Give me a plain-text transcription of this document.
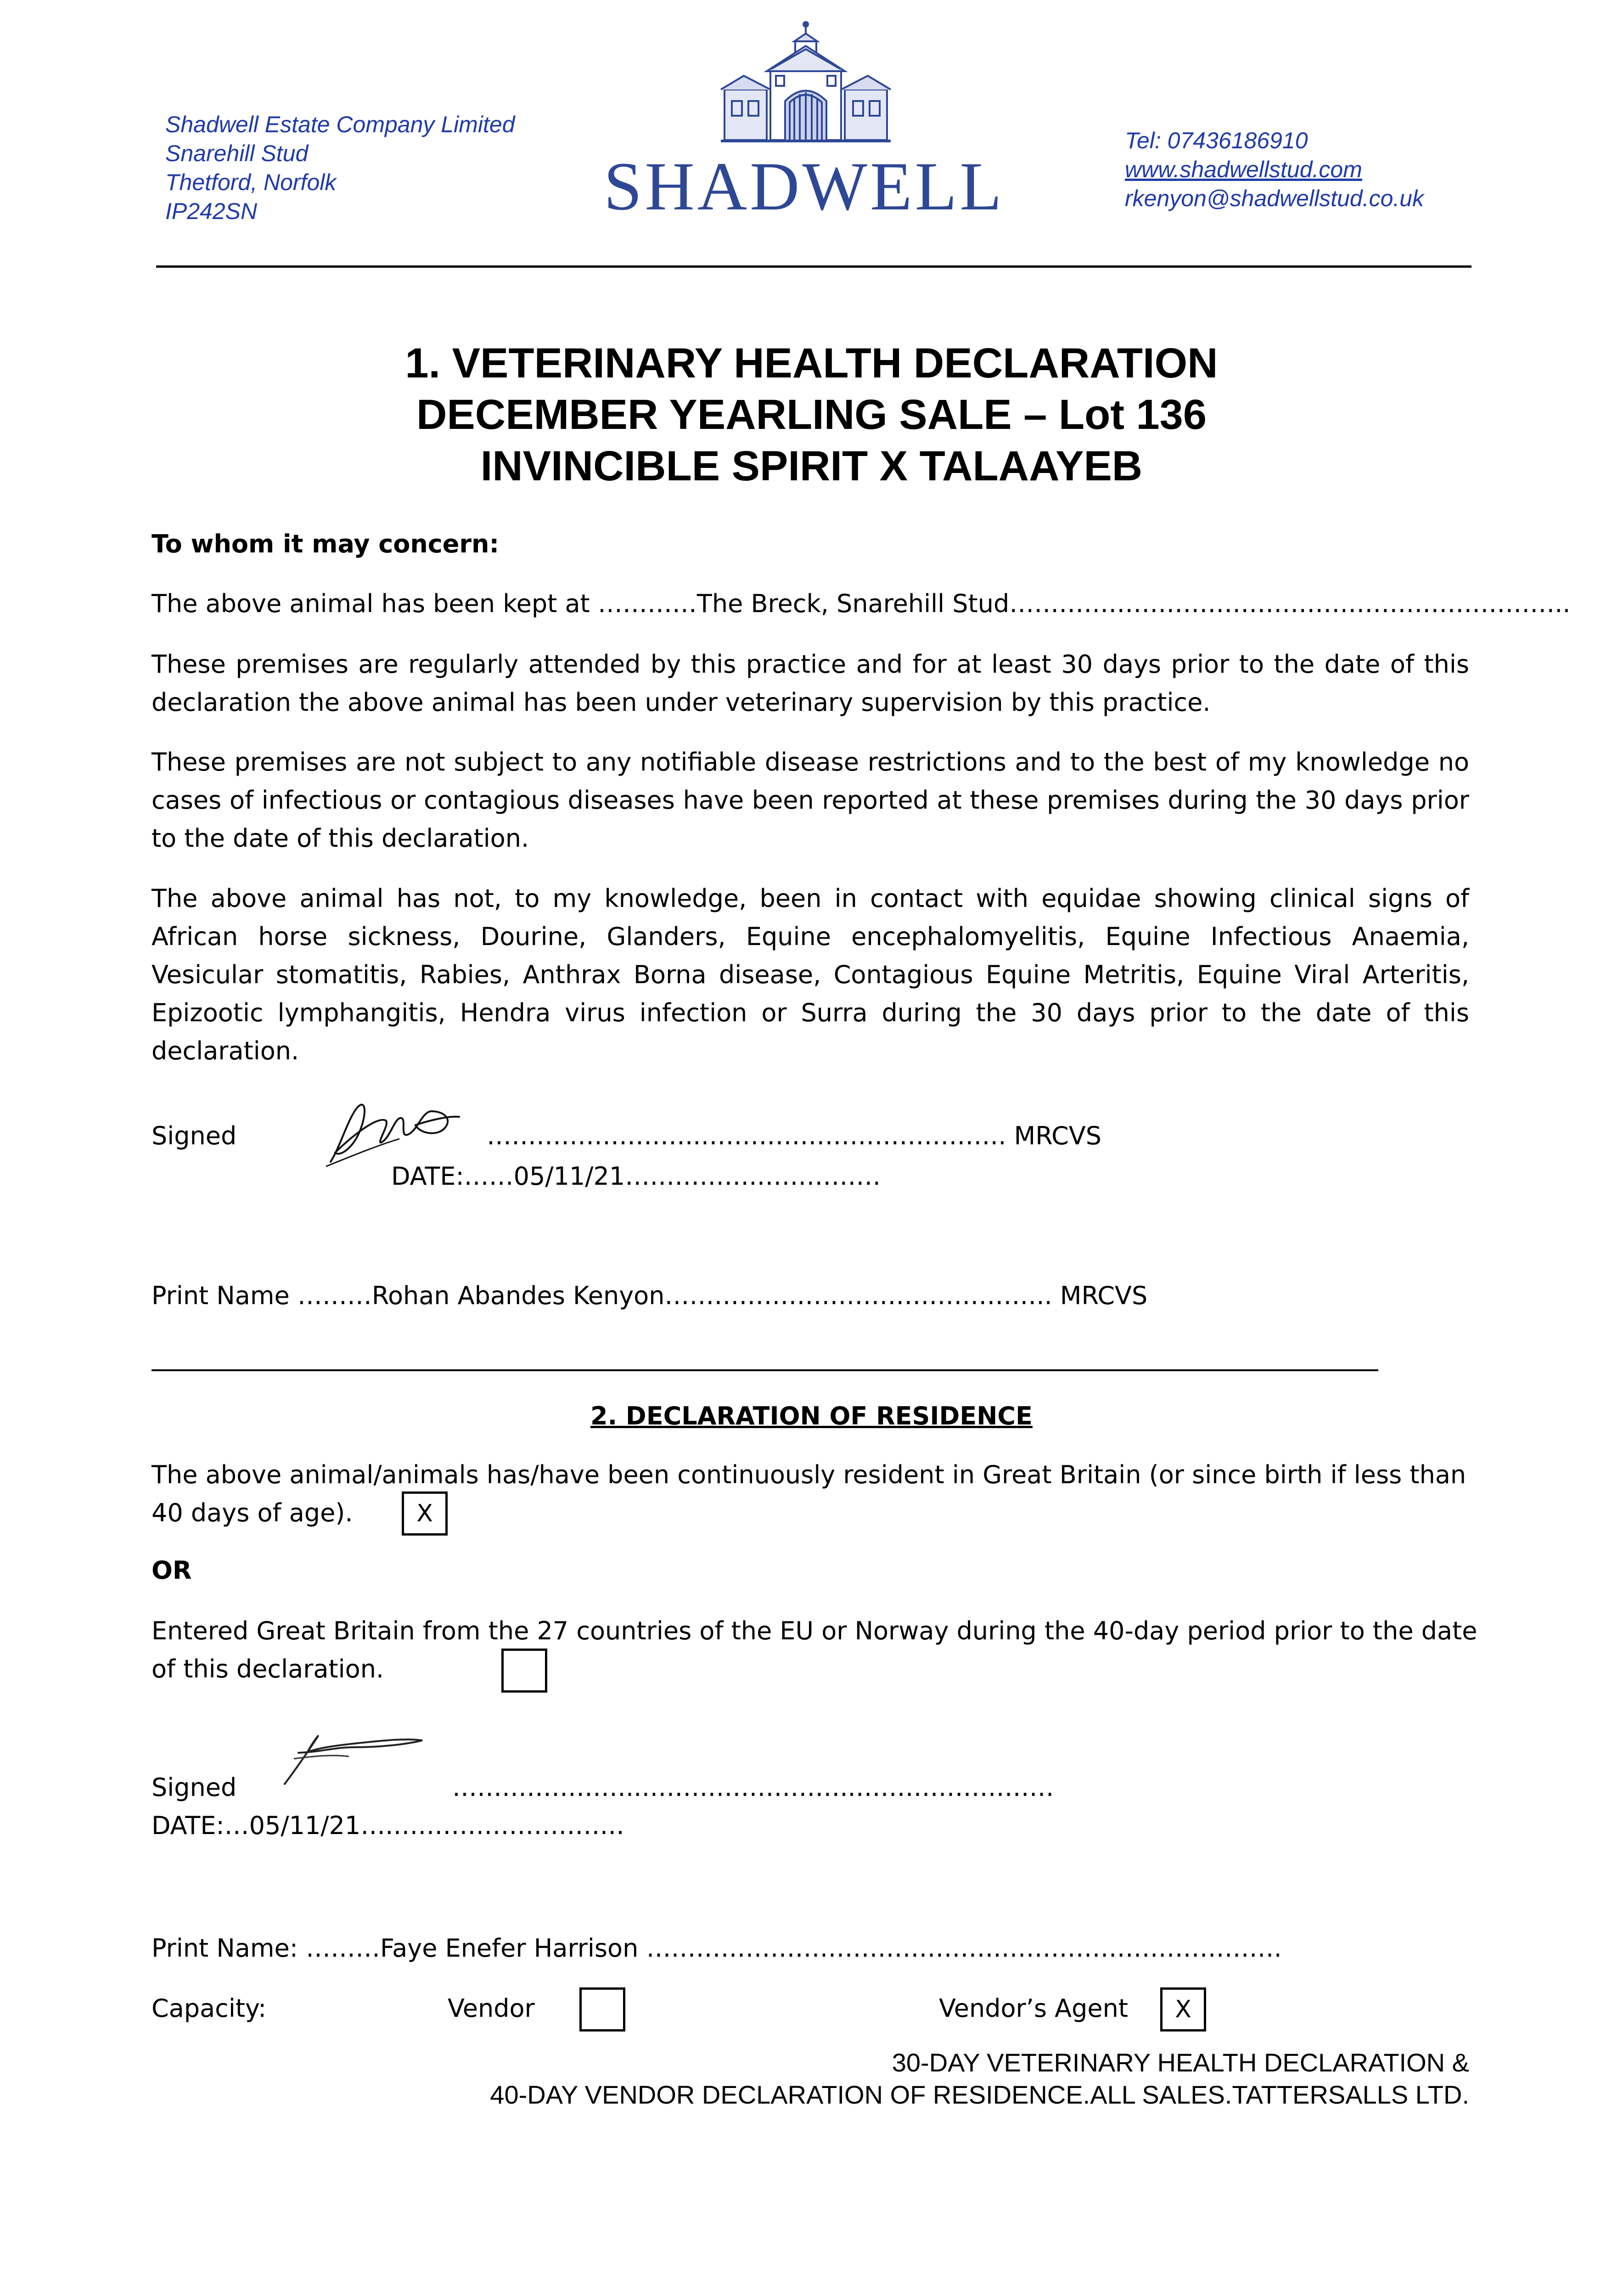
Shadwell Estate Company Limited
Snarehill Stud
Thetford, Norfolk
IP242SN	SHADWELL
Tel: 07436186910
www.shadwellstud.com
rkenyon@shadwellstud.co.uk
1. VETERINARY HEALTH DECLARATION
DECEMBER YEARLING SALE – Lot 136
INVINCIBLE SPIRIT X TALAAYEB
To whom it may concern:
The above animal has been kept at …………The Breck, Snarehill Stud…………………………………………………………..
These premises are regularly attended by this practice and for at least 30 days prior to the date of this declaration the above animal has been under veterinary supervision by this practice.
These premises are not subject to any notifiable disease restrictions and to the best of my knowledge no cases of infectious or contagious diseases have been reported at these premises during the 30 days prior to the date of this declaration.
The above animal has not, to my knowledge, been in contact with equidae showing clinical signs of African horse sickness, Dourine, Glanders, Equine encephalomyelitis, Equine Infectious Anaemia, Vesicular stomatitis, Rabies, Anthrax Borna disease, Contagious Equine Metritis, Equine Viral Arteritis, Epizootic lymphangitis, Hendra virus infection or Surra during the 30 days prior to the date of this declaration.
Signed	……………………..………………………………. MRCVS
DATE:……05/11/21…………….……………
Print Name ………Rohan Abandes Kenyon……………………………………….. MRCVS
2. DECLARATION OF RESIDENCE
The above animal/animals has/have been continuously resident in Great Britain (or since birth if less than
40 days of age).	X
OR
Entered Great Britain from the 27 countries of the EU or Norway during the 40-day period prior to the date
of this declaration.
Signed	…………………..……………………..……………………
DATE:…05/11/21….……………………….
Print Name: ………Faye Enefer Harrison …………………………………….…………………………….
Capacity:	Vendor	Vendor’s Agent	X
30-DAY VETERINARY HEALTH DECLARATION &
40-DAY VENDOR DECLARATION OF RESIDENCE.ALL SALES.TATTERSALLS LTD.
